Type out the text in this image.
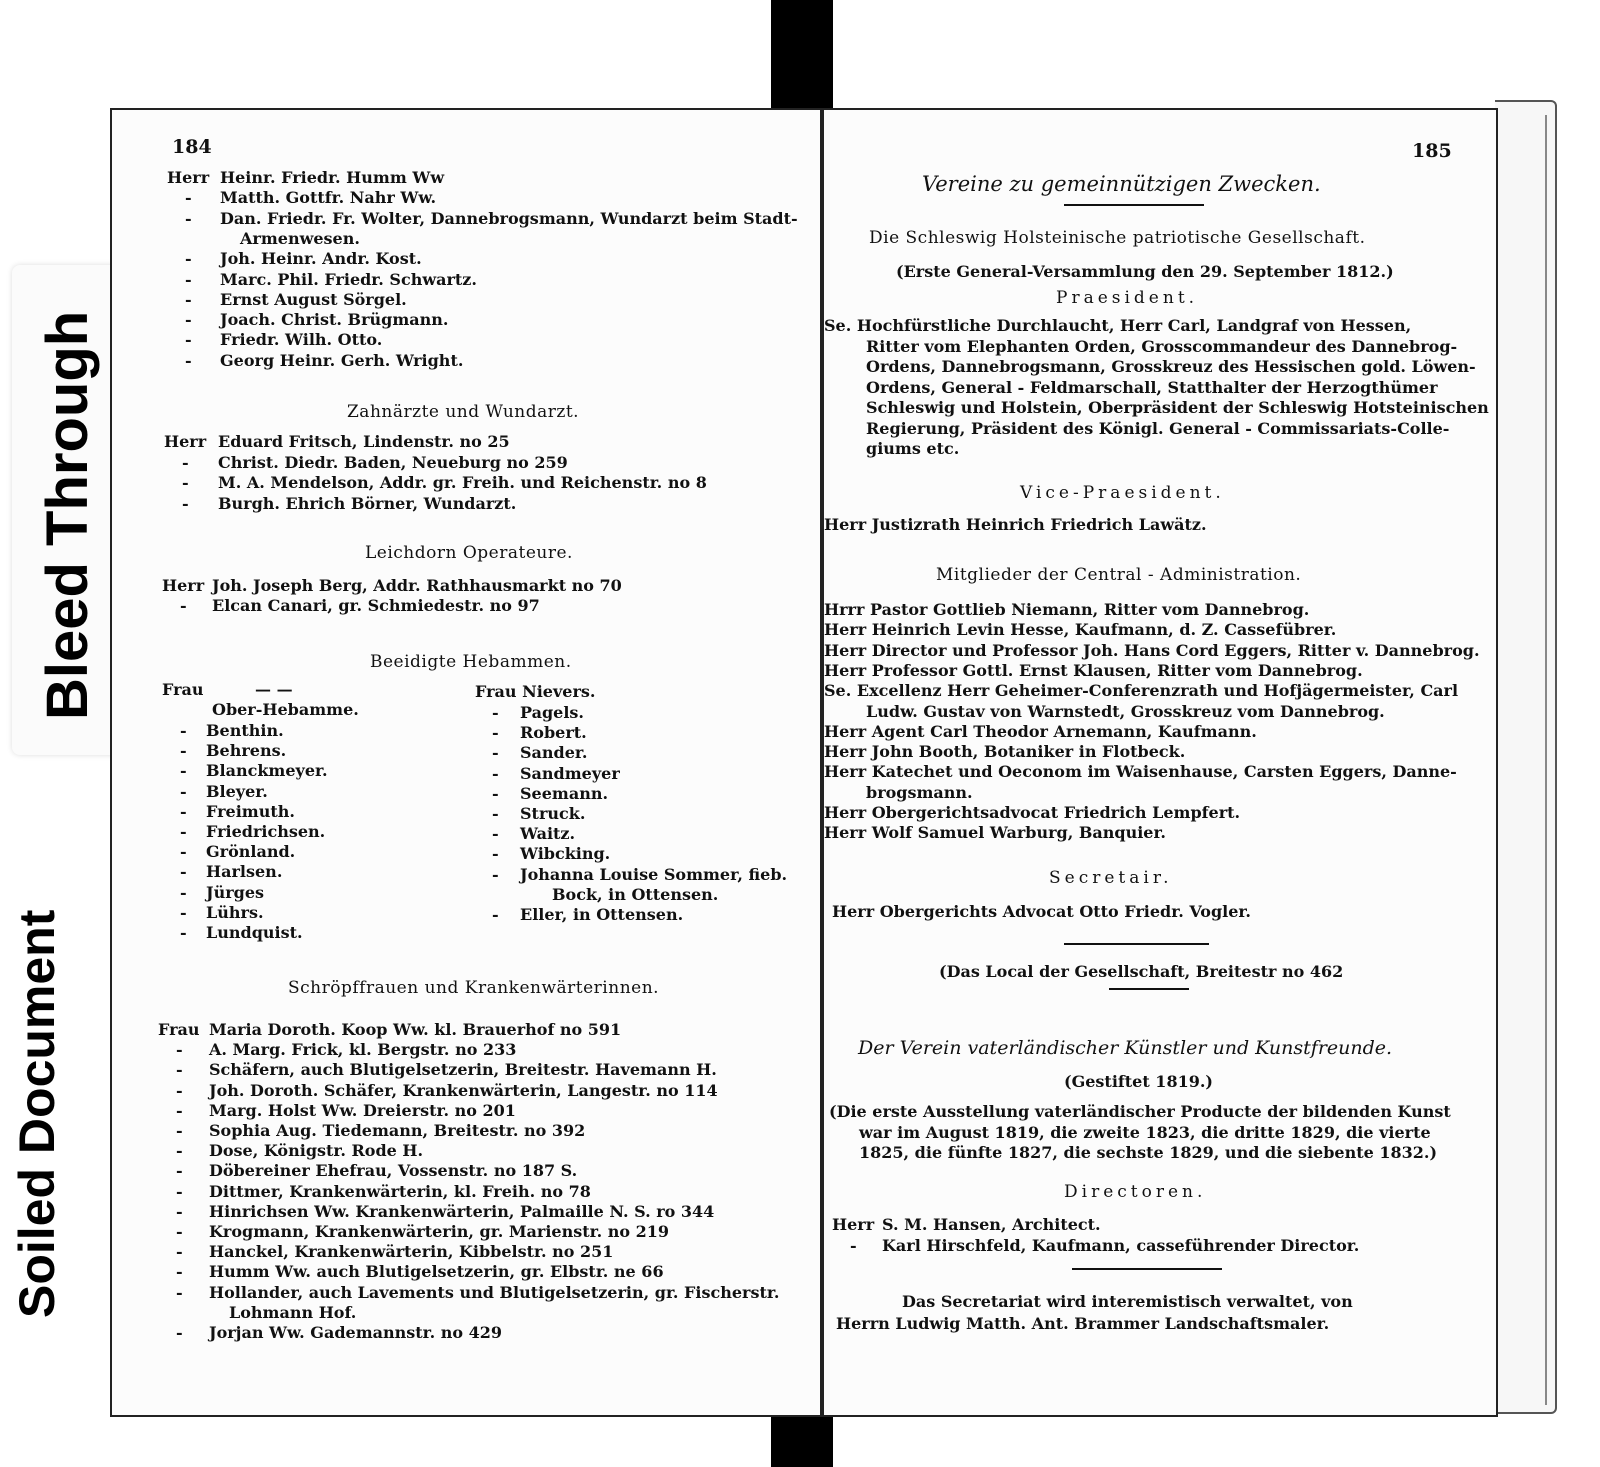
Bleed Through
Soiled Document
184
Herr Heinr. Friedr. Humm Ww
- Matth. Gottfr. Nahr Ww.
- Dan. Friedr. Fr. Wolter, Dannebrogsmann, Wundarzt beim Stadt-
Armenwesen.
- Joh. Heinr. Andr. Kost.
- Marc. Phil. Friedr. Schwartz.
- Ernst August Sörgel.
- Joach. Christ. Brügmann.
- Friedr. Wilh. Otto.
- Georg Heinr. Gerh. Wright.
Zahnärzte und Wundarzt.
Herr Eduard Fritsch, Lindenstr. no 25
- Christ. Diedr. Baden, Neueburg no 259
- M. A. Mendelson, Addr. gr. Freih. und Reichenstr. no 8
- Burgh. Ehrich Börner, Wundarzt.
Leichdorn Operateure.
Herr Joh. Joseph Berg, Addr. Rathhausmarkt no 70
- Elcan Canari, gr. Schmiedestr. no 97
Beeidigte Hebammen.
Frau	— —
Ober-Hebamme.
- Benthin.
- Behrens.
- Blanckmeyer.
- Bleyer.
- Freimuth.
- Friedrichsen.
- Grönland.
- Harlsen.
- Jürges
- Lührs.
- Lundquist.
Frau Nievers.
- Pagels.
- Robert.
- Sander.
- Sandmeyer
- Seemann.
- Struck.
- Waitz.
- Wibcking.
- Johanna Louise Sommer, fieb.
Bock, in Ottensen.
- Eller, in Ottensen.
Schröpffrauen und Krankenwärterinnen.
Frau Maria Doroth. Koop Ww. kl. Brauerhof no 591
- A. Marg. Frick, kl. Bergstr. no 233
- Schäfern, auch Blutigelsetzerin, Breitestr. Havemann H.
- Joh. Doroth. Schäfer, Krankenwärterin, Langestr. no 114
- Marg. Holst Ww. Dreierstr. no 201
- Sophia Aug. Tiedemann, Breitestr. no 392
- Dose, Königstr. Rode H.
- Döbereiner Ehefrau, Vossenstr. no 187 S.
- Dittmer, Krankenwärterin, kl. Freih. no 78
- Hinrichsen Ww. Krankenwärterin, Palmaille N. S. ro 344
- Krogmann, Krankenwärterin, gr. Marienstr. no 219
- Hanckel, Krankenwärterin, Kibbelstr. no 251
- Humm Ww. auch Blutigelsetzerin, gr. Elbstr. ne 66
- Hollander, auch Lavements und Blutigelsetzerin, gr. Fischerstr.
Lohmann Hof.
- Jorjan Ww. Gademannstr. no 429
185
Vereine zu gemeinnützigen Zwecken.
Die Schleswig Holsteinische patriotische Gesellschaft.
(Erste General-Versammlung den 29. September 1812.)
Praesident.
Se. Hochfürstliche Durchlaucht, Herr Carl, Landgraf von Hessen,
Ritter vom Elephanten Orden, Grosscommandeur des Dannebrog-
Ordens, Dannebrogsmann, Grosskreuz des Hessischen gold. Löwen-
Ordens, General - Feldmarschall, Statthalter der Herzogthümer
Schleswig und Holstein, Oberpräsident der Schleswig Hotsteinischen
Regierung, Präsident des Königl. General - Commissariats-Colle-
giums etc.
Vice-Praesident.
Herr Justizrath Heinrich Friedrich Lawätz.
Mitglieder der Central - Administration.
Hrrr Pastor Gottlieb Niemann, Ritter vom Dannebrog.
Herr Heinrich Levin Hesse, Kaufmann, d. Z. Cassefübrer.
Herr Director und Professor Joh. Hans Cord Eggers, Ritter v. Dannebrog.
Herr Professor Gottl. Ernst Klausen, Ritter vom Dannebrog.
Se. Excellenz Herr Geheimer-Conferenzrath und Hofjägermeister, Carl
Ludw. Gustav von Warnstedt, Grosskreuz vom Dannebrog.
Herr Agent Carl Theodor Arnemann, Kaufmann.
Herr John Booth, Botaniker in Flotbeck.
Herr Katechet und Oeconom im Waisenhause, Carsten Eggers, Danne-
brogsmann.
Herr Obergerichtsadvocat Friedrich Lempfert.
Herr Wolf Samuel Warburg, Banquier.
Secretair.
Herr Obergerichts Advocat Otto Friedr. Vogler.
(Das Local der Gesellschaft, Breitestr no 462
Der Verein vaterländischer Künstler und Kunstfreunde.
(Gestiftet 1819.)
(Die erste Ausstellung vaterländischer Producte der bildenden Kunst
war im August 1819, die zweite 1823, die dritte 1829, die vierte
1825, die fünfte 1827, die sechste 1829, und die siebente 1832.)
Directoren.
Herr S. M. Hansen, Architect.
- Karl Hirschfeld, Kaufmann, casseführender Director.
Das Secretariat wird interemistisch verwaltet, von
Herrn Ludwig Matth. Ant. Brammer Landschaftsmaler.
